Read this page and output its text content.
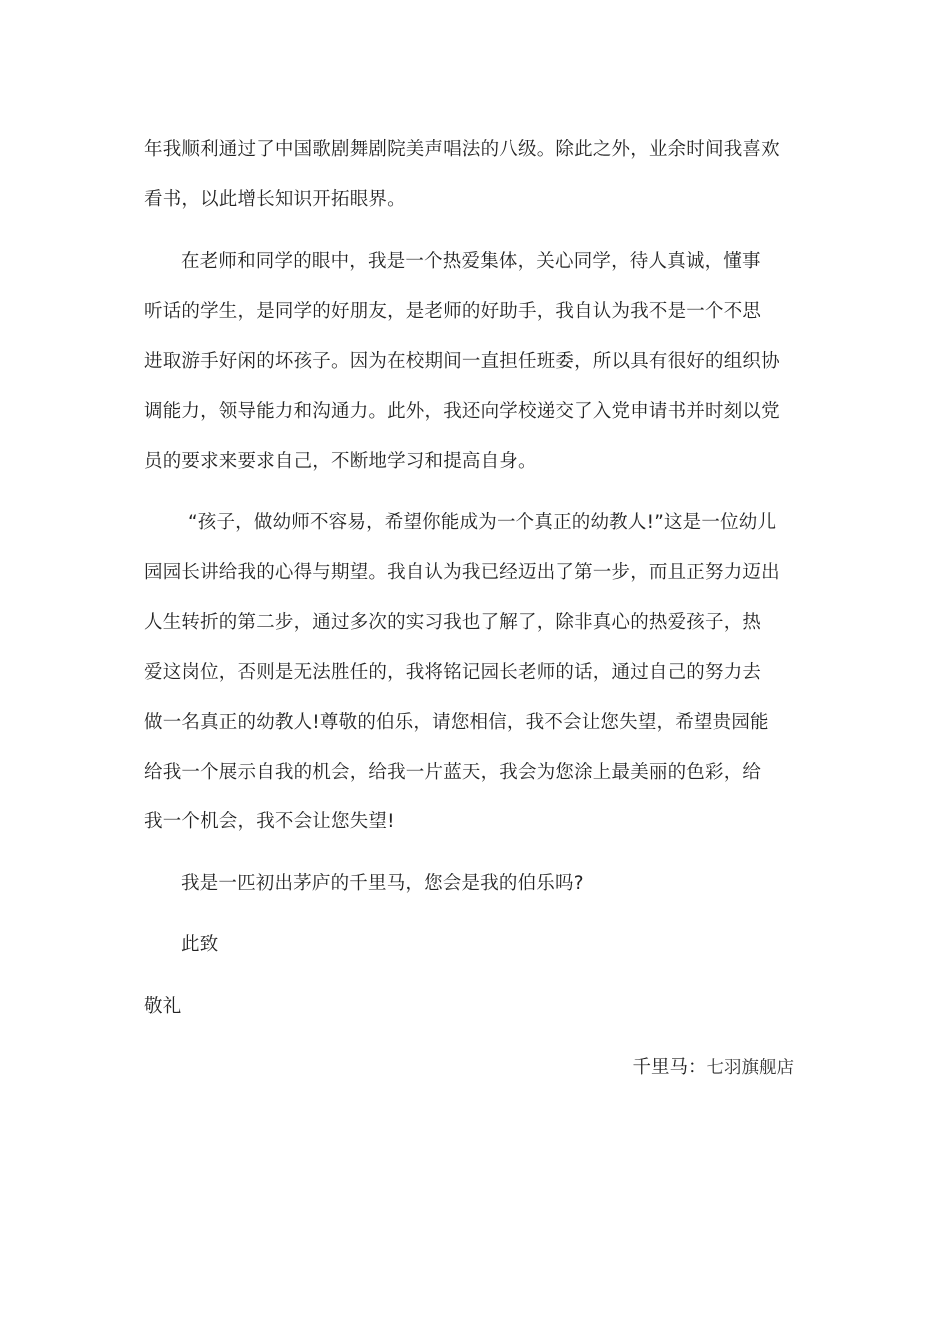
年我顺利通过了中国歌剧舞剧院美声唱法的八级。除此之外，业余时间我喜欢
看书，以此增长知识开拓眼界。
在老师和同学的眼中，我是一个热爱集体，关心同学，待人真诚，懂事
听话的学生，是同学的好朋友，是老师的好助手，我自认为我不是一个不思
进取游手好闲的坏孩子。因为在校期间一直担任班委，所以具有很好的组织协
调能力，领导能力和沟通力。此外，我还向学校递交了入党申请书并时刻以党
员的要求来要求自己，不断地学习和提高自身。
“孩子，做幼师不容易，希望你能成为一个真正的幼教人!”这是一位幼儿
园园长讲给我的心得与期望。我自认为我已经迈出了第一步，而且正努力迈出
人生转折的第二步，通过多次的实习我也了解了，除非真心的热爱孩子，热
爱这岗位，否则是无法胜任的，我将铭记园长老师的话，通过自己的努力去
做一名真正的幼教人!尊敬的伯乐，请您相信，我不会让您失望，希望贵园能
给我一个展示自我的机会，给我一片蓝天，我会为您涂上最美丽的色彩，给
我一个机会，我不会让您失望!
我是一匹初出茅庐的千里马，您会是我的伯乐吗?
此致
敬礼
千里马：七羽旗舰店
